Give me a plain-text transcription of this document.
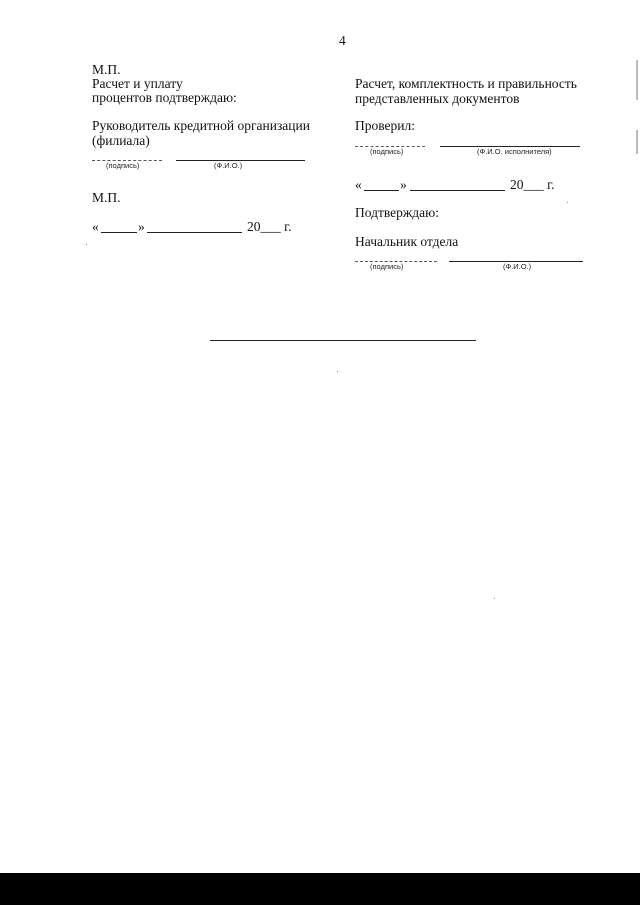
4
М.П.
Расчет и уплату
процентов подтверждаю:
Руководитель кредитной организации
(филиала)
(подпись)	(Ф.И.О.)
М.П.
«	»	20___ г.
Расчет, комплектность и правильность
представленных документов
Проверил:
(подпись)	(Ф.И.О. исполнителя)
«	»	20___ г.
Подтверждаю:
Начальник отдела
(подпись)	(Ф.И.О.)
